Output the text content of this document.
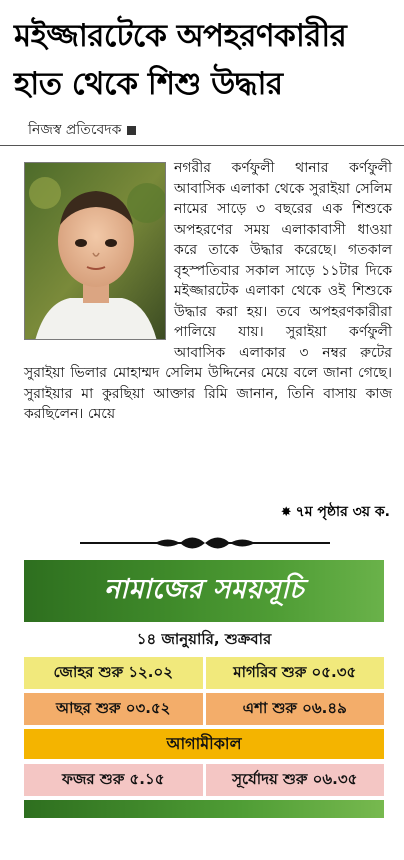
মইজ্জারটেকে অপহরণকারীর হাত থেকে শিশু উদ্ধার
নিজস্ব প্রতিবেদক
নগরীর কর্ণফুলী থানার কর্ণফুলী আবাসিক এলাকা থেকে সুরাইয়া সেলিম নামের সাড়ে ৩ বছরের এক শিশুকে অপহরণের সময় এলাকাবাসী ধাওয়া করে তাকে উদ্ধার করেছে। গতকাল বৃহস্পতিবার সকাল সাড়ে ১১টার দিকে মইজ্জারটেক এলাকা থেকে ওই শিশুকে উদ্ধার করা হয়। তবে অপহরণকারীরা পালিয়ে যায়। সুরাইয়া কর্ণফুলী আবাসিক এলাকার ৩ নম্বর রুটের সুরাইয়া ভিলার মোহাম্মদ সেলিম উদ্দিনের মেয়ে বলে জানা গেছে। সুরাইয়ার মা কুরছিয়া আক্তার রিমি জানান, তিনি বাসায় কাজ করছিলেন। মেয়ে
✸ ৭ম পৃষ্ঠার ৩য় ক.
নামাজের সময়সূচি
১৪ জানুয়ারি, শুক্রবার
জোহর শুরু ১২.০২	মাগরিব শুরু ০৫.৩৫
আছর শুরু ০৩.৫২	এশা শুরু ০৬.৪৯
আগামীকাল
ফজর শুরু ৫.১৫	সূর্যোদয় শুরু ০৬.৩৫
